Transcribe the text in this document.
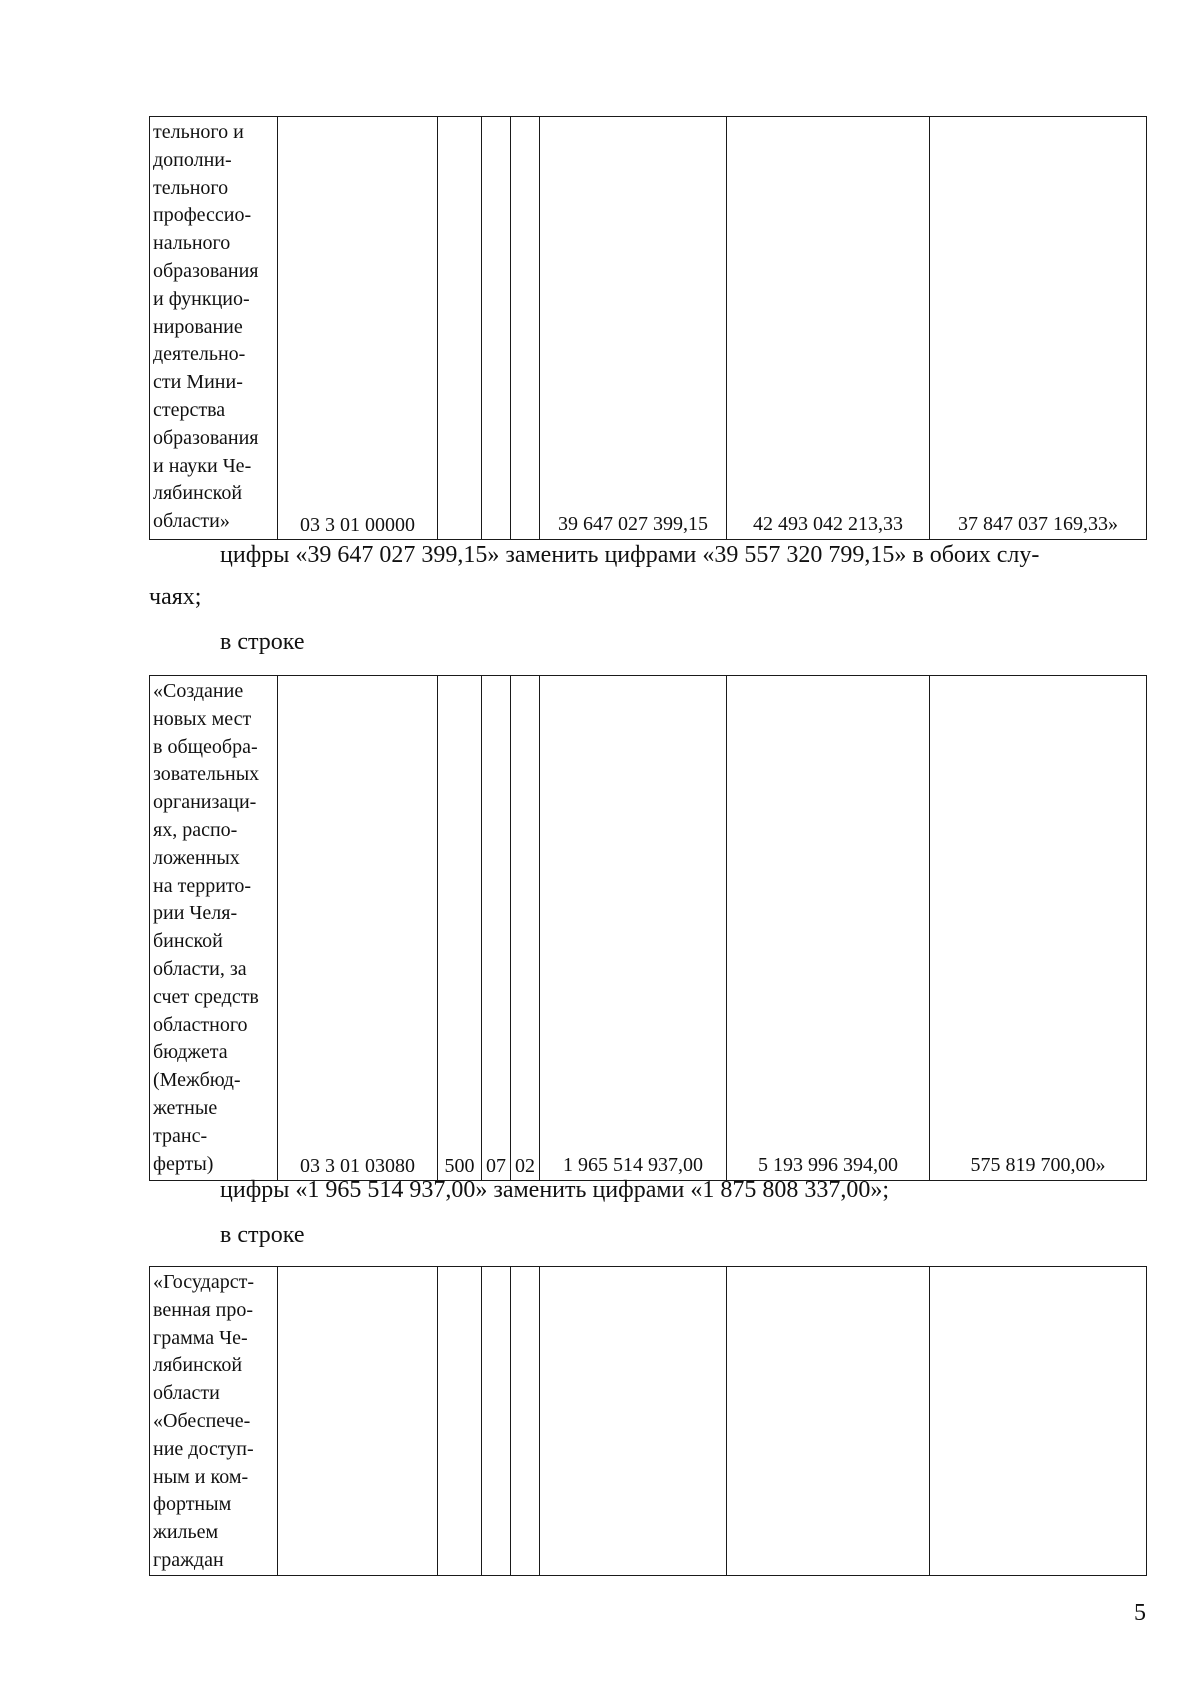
тельного и
дополни-
тельного
профессио-
нального
образования
и функцио-
нирование
деятельно-
сти Мини-
стерства
образования
и науки Че-
лябинской
области»	03 3 01 00000				39 647 027 399,15	42 493 042 213,33	37 847 037 169,33»
цифры «39 647 027 399,15» заменить цифрами «39 557 320 799,15» в обоих слу-
чаях;
в строке
«Создание
новых мест
в общеобра-
зовательных
организаци-
ях, распо-
ложенных
на террито-
рии Челя-
бинской
области, за
счет средств
областного
бюджета
(Межбюд-
жетные
транс-
ферты)	03 3 01 03080	500	07	02	1 965 514 937,00	5 193 996 394,00	575 819 700,00»
цифры «1 965 514 937,00» заменить цифрами «1 875 808 337,00»;
в строке
«Государст-
венная про-
грамма Че-
лябинской
области
«Обеспече-
ние доступ-
ным и ком-
фортным
жильем
граждан

5
